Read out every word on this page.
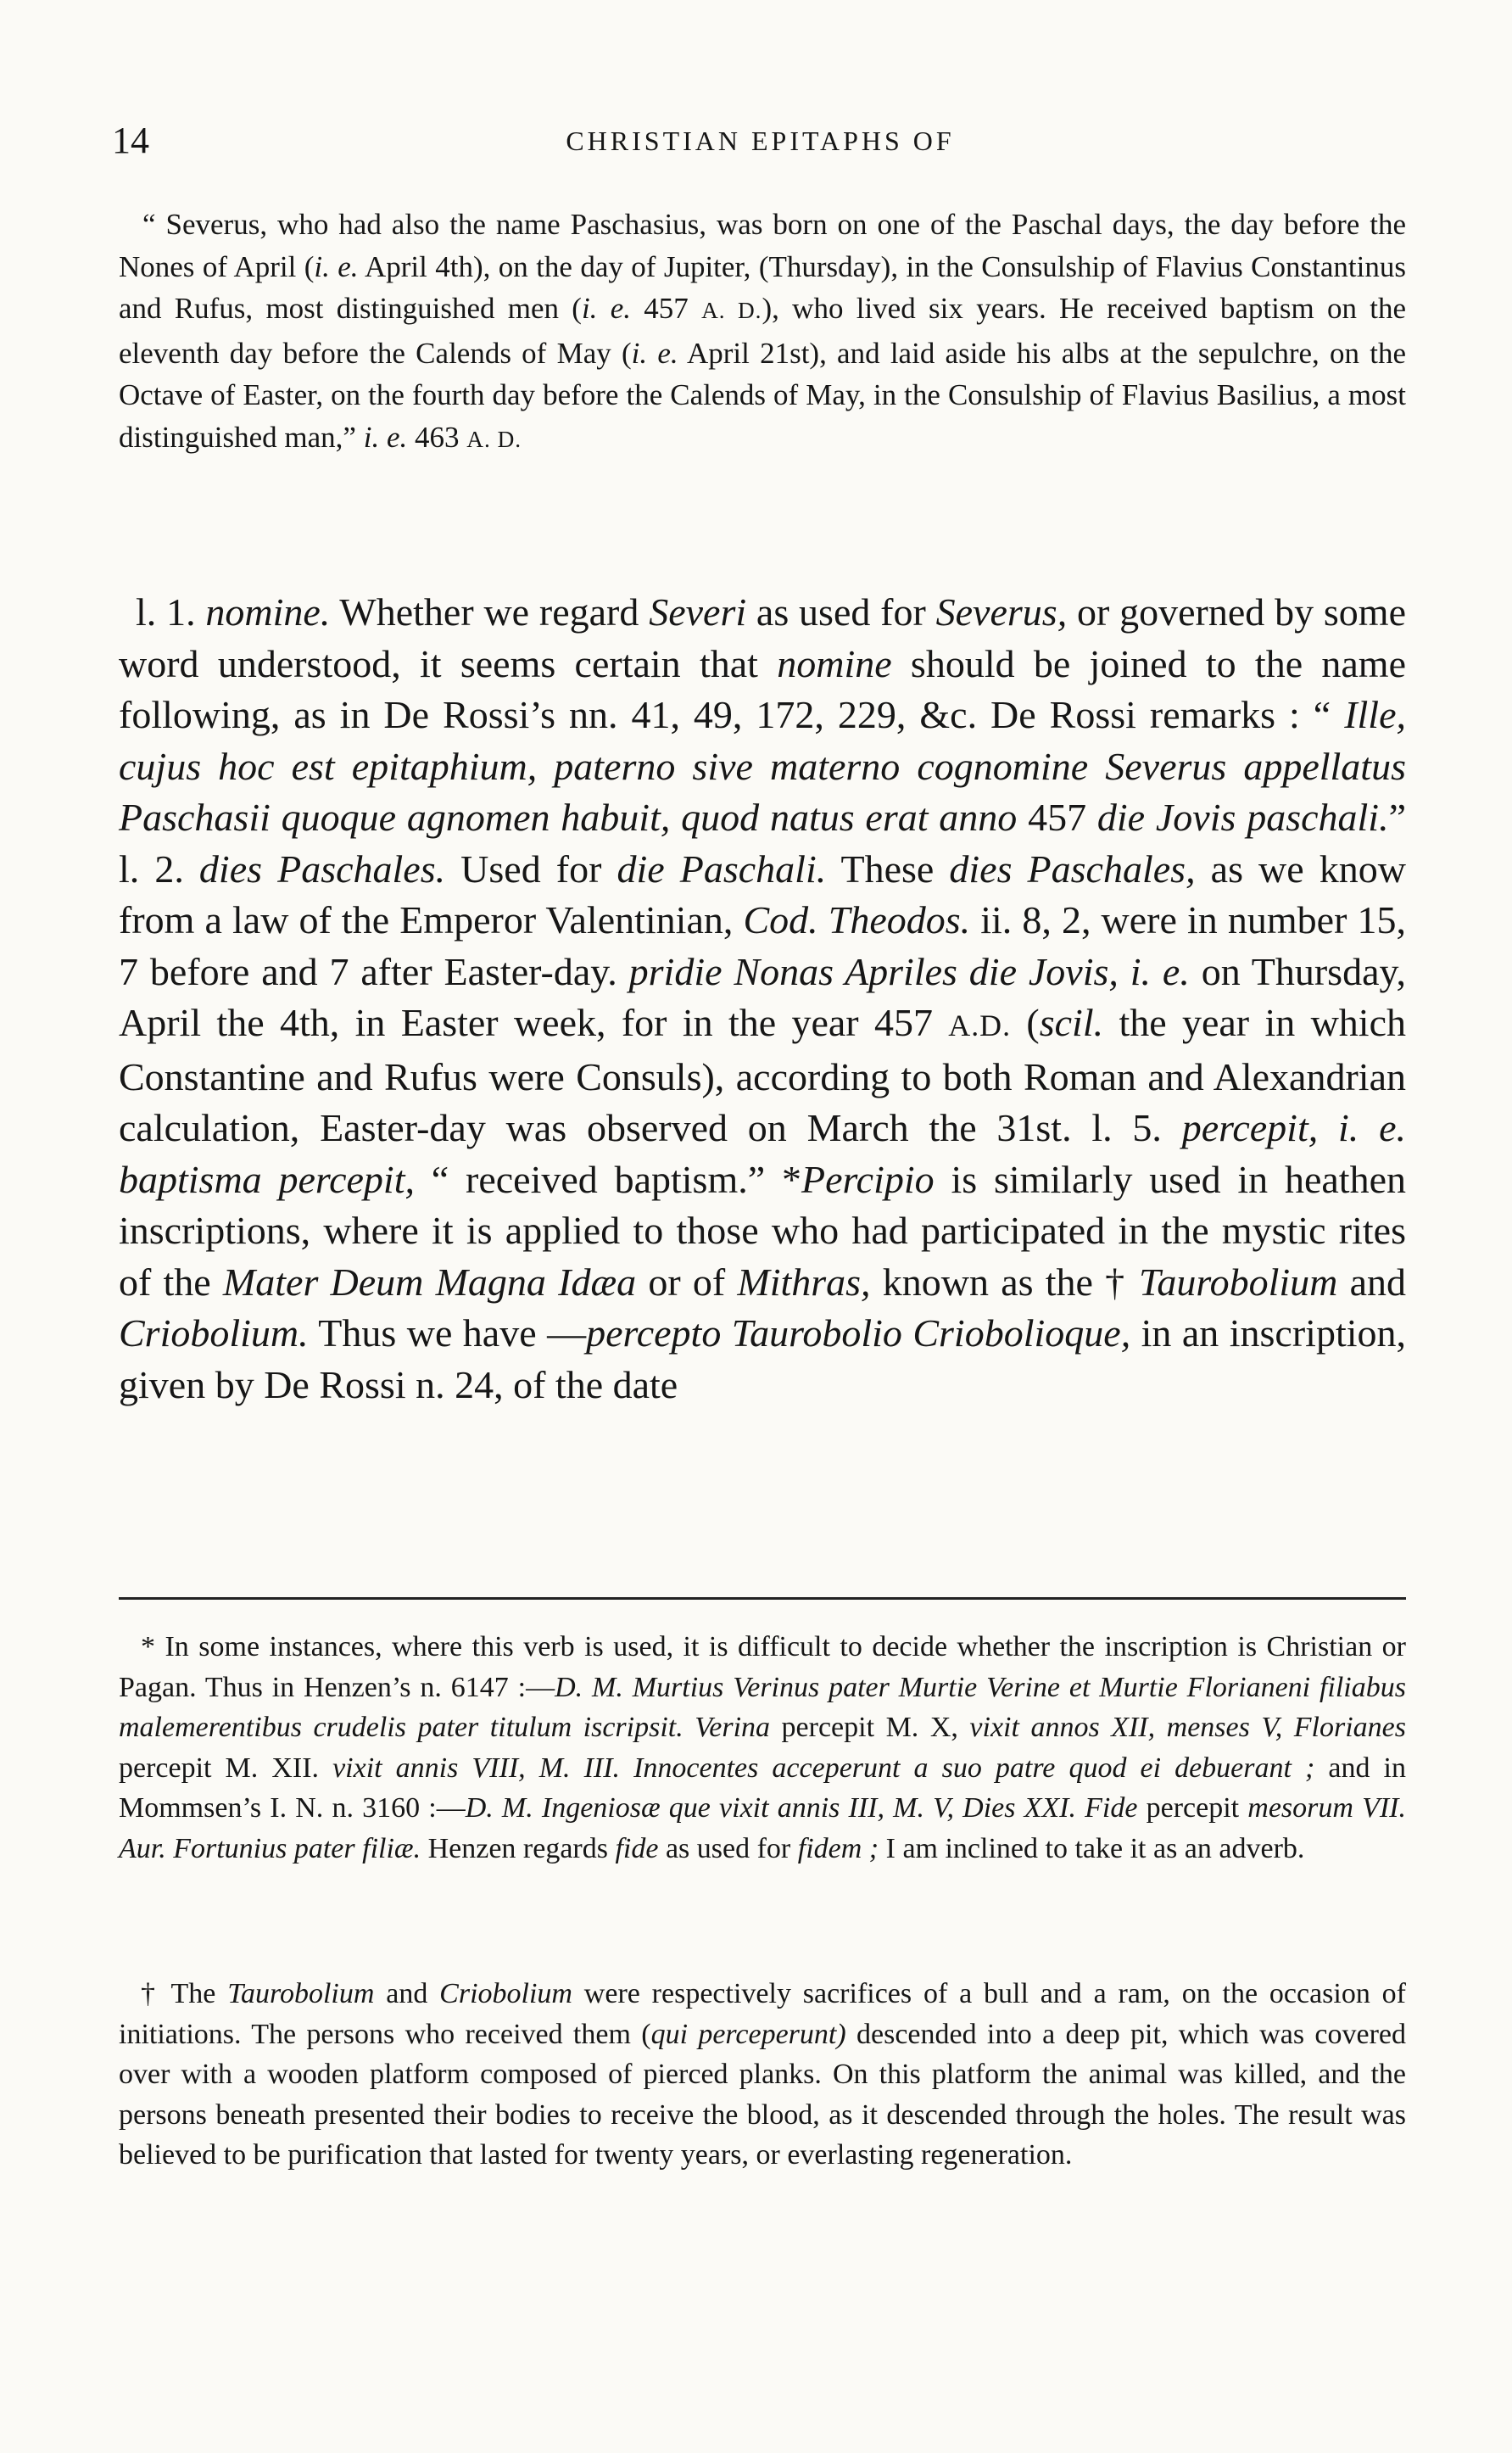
14	CHRISTIAN EPITAPHS OF

“ Severus, who had also the name Paschasius, was born on one of the Paschal days, the day before the Nones of April (i. e. April 4th), on the day of Jupiter, (Thursday), in the Consulship of Flavius Constantinus and Rufus, most distinguished men (i. e. 457 A. D.), who lived six years. He received baptism on the eleventh day before the Calends of May (i. e. April 21st), and laid aside his albs at the sepulchre, on the Octave of Easter, on the fourth day before the Calends of May, in the Consulship of Flavius Basilius, a most distinguished man,” i. e. 463 A. D.

l. 1. nomine. Whether we regard Severi as used for Severus, or governed by some word understood, it seems certain that nomine should be joined to the name following, as in De Rossi’s nn. 41, 49, 172, 229, &c. De Rossi remarks : “ Ille, cujus hoc est epitaphium, paterno sive materno cognomine Severus appellatus Paschasii quoque agnomen habuit, quod natus erat anno 457 die Jovis paschali.” l. 2. dies Paschales. Used for die Paschali. These dies Paschales, as we know from a law of the Emperor Valentinian, Cod. Theodos. ii. 8, 2, were in number 15, 7 before and 7 after Easter-day. pridie Nonas Apriles die Jovis, i. e. on Thursday, April the 4th, in Easter week, for in the year 457 A.D. (scil. the year in which Constantine and Rufus were Consuls), according to both Roman and Alexandrian calculation, Easter-day was observed on March the 31st. l. 5. percepit, i. e. baptisma percepit, “ received baptism.” *Percipio is similarly used in heathen inscriptions, where it is applied to those who had participated in the mystic rites of the Mater Deum Magna Idæa or of Mithras, known as the † Taurobolium and Criobolium. Thus we have —percepto Taurobolio Criobolioque, in an inscription, given by De Rossi n. 24, of the date

* In some instances, where this verb is used, it is difficult to decide whether the inscription is Christian or Pagan. Thus in Henzen’s n. 6147 :—D. M. Murtius Verinus pater Murtie Verine et Murtie Florianeni filiabus malemerentibus crudelis pater titulum iscripsit. Verina percepit M. X, vixit annos XII, menses V, Florianes percepit M. XII. vixit annis VIII, M. III. Innocentes acceperunt a suo patre quod ei debuerant ; and in Mommsen’s I. N. n. 3160 :—D. M. Ingeniosæ que vixit annis III, M. V, Dies XXI. Fide percepit mesorum VII. Aur. Fortunius pater filiæ. Henzen regards fide as used for fidem ; I am inclined to take it as an adverb.

† The Taurobolium and Criobolium were respectively sacrifices of a bull and a ram, on the occasion of initiations. The persons who received them (qui perceperunt) descended into a deep pit, which was covered over with a wooden platform composed of pierced planks. On this platform the animal was killed, and the persons beneath presented their bodies to receive the blood, as it descended through the holes. The result was believed to be purification that lasted for twenty years, or everlasting regeneration.
